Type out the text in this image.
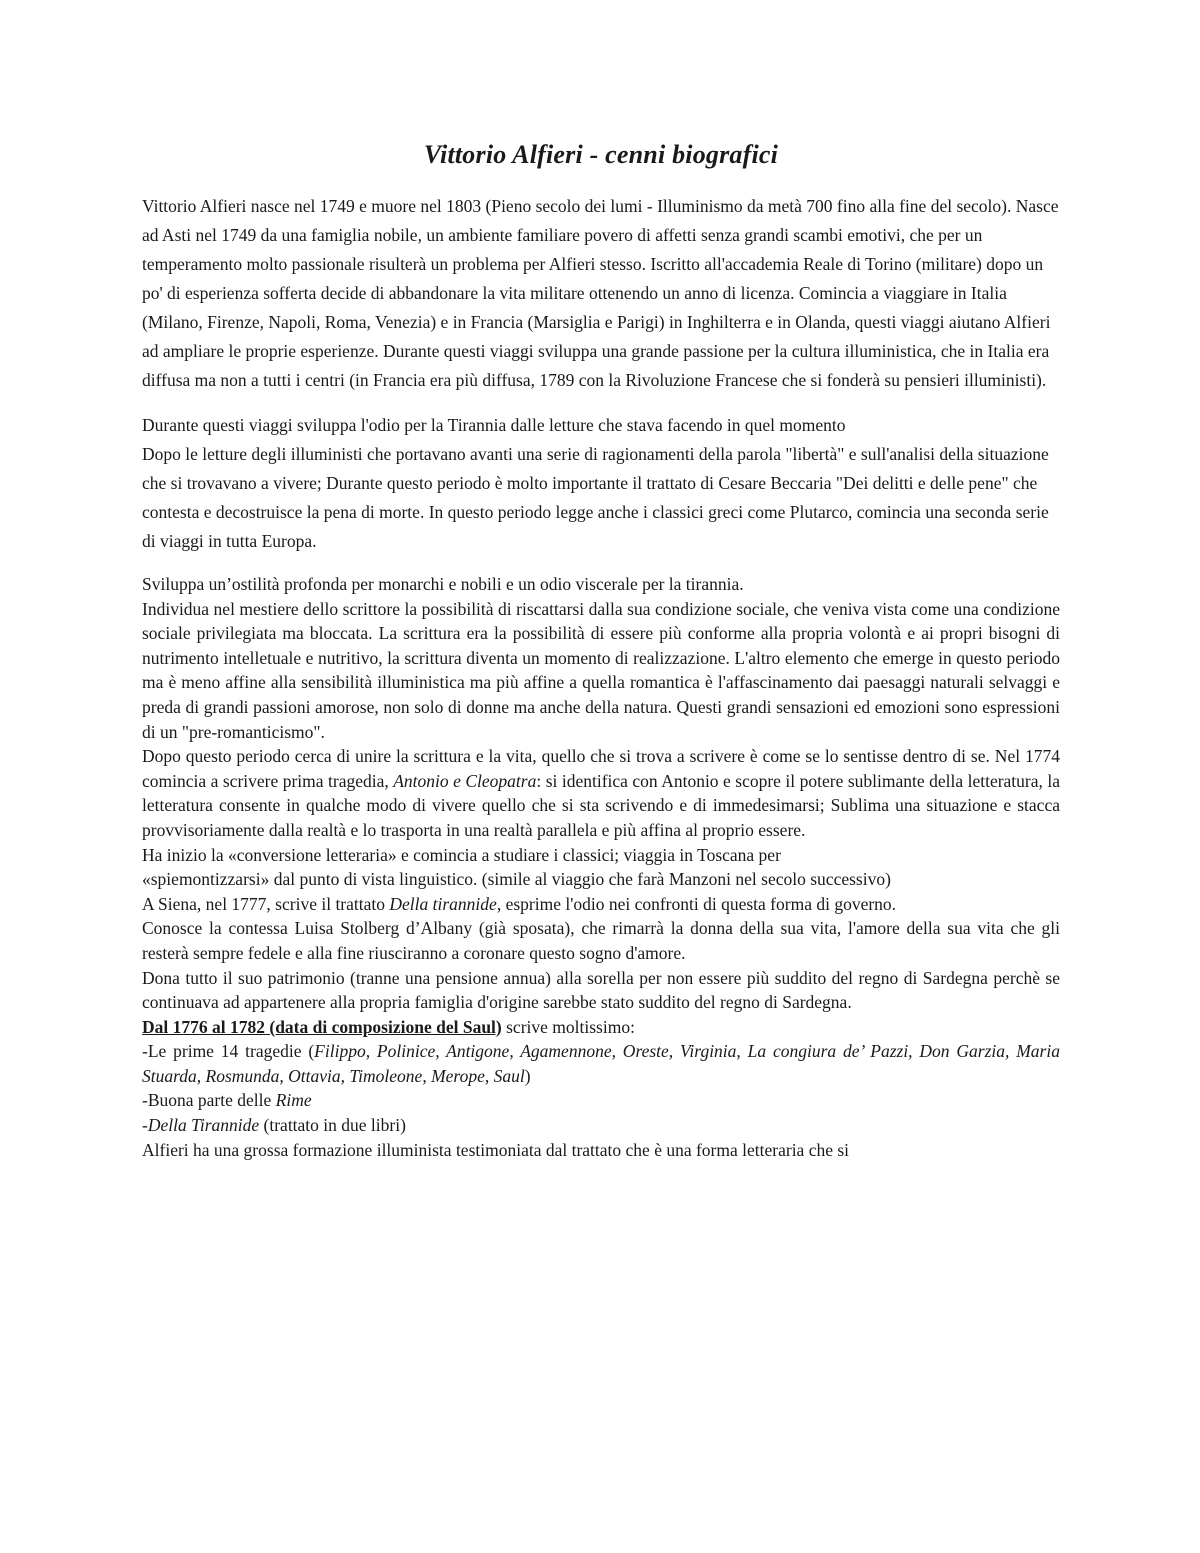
Vittorio Alfieri - cenni biografici

Vittorio Alfieri nasce nel 1749 e muore nel 1803 (Pieno secolo dei lumi - Illuminismo da metà 700 fino alla fine del secolo). Nasce ad Asti nel 1749 da una famiglia nobile, un ambiente familiare povero di affetti senza grandi scambi emotivi, che per un temperamento molto passionale risulterà un problema per Alfieri stesso. Iscritto all'accademia Reale di Torino (militare) dopo un po' di esperienza sofferta decide di abbandonare la vita militare ottenendo un anno di licenza. Comincia a viaggiare in Italia (Milano, Firenze, Napoli, Roma, Venezia) e in Francia (Marsiglia e Parigi) in Inghilterra e in Olanda, questi viaggi aiutano Alfieri ad ampliare le proprie esperienze. Durante questi viaggi sviluppa una grande passione per la cultura illuministica, che in Italia era diffusa ma non a tutti i centri (in Francia era più diffusa, 1789 con la Rivoluzione Francese che si fonderà su pensieri illuministi).

Durante questi viaggi sviluppa l'odio per la Tirannia dalle letture che stava facendo in quel momento

Dopo le letture degli illuministi che portavano avanti una serie di ragionamenti della parola "libertà" e sull'analisi della situazione che si trovavano a vivere; Durante questo periodo è molto importante il trattato di Cesare Beccaria "Dei delitti e delle pene" che contesta e decostruisce la pena di morte. In questo periodo legge anche i classici greci come Plutarco, comincia una seconda serie di viaggi in tutta Europa.

Sviluppa un’ostilità profonda per monarchi e nobili e un odio viscerale per la tirannia.

Individua nel mestiere dello scrittore la possibilità di riscattarsi dalla sua condizione sociale, che veniva vista come una condizione sociale privilegiata ma bloccata. La scrittura era la possibilità di essere più conforme alla propria volontà e ai propri bisogni di nutrimento intelletuale e nutritivo, la scrittura diventa un momento di realizzazione. L'altro elemento che emerge in questo periodo ma è meno affine alla sensibilità illuministica ma più affine a quella romantica è l'affascinamento dai paesaggi naturali selvaggi e preda di grandi passioni amorose, non solo di donne ma anche della natura. Questi grandi sensazioni ed emozioni sono espressioni di un "pre-romanticismo".

Dopo questo periodo cerca di unire la scrittura e la vita, quello che si trova a scrivere è come se lo sentisse dentro di se. Nel 1774 comincia a scrivere prima tragedia, Antonio e Cleopatra: si identifica con Antonio e scopre il potere sublimante della letteratura, la letteratura consente in qualche modo di vivere quello che si sta scrivendo e di immedesimarsi; Sublima una situazione e stacca provvisoriamente dalla realtà e lo trasporta in una realtà parallela e più affina al proprio essere.

Ha inizio la «conversione letteraria» e comincia a studiare i classici; viaggia in Toscana per

«spiemontizzarsi» dal punto di vista linguistico. (simile al viaggio che farà Manzoni nel secolo successivo)

A Siena, nel 1777, scrive il trattato Della tirannide, esprime l'odio nei confronti di questa forma di governo.

Conosce la contessa Luisa Stolberg d’Albany (già sposata), che rimarrà la donna della sua vita, l'amore della sua vita che gli resterà sempre fedele e alla fine riusciranno a coronare questo sogno d'amore.

Dona tutto il suo patrimonio (tranne una pensione annua) alla sorella per non essere più suddito del regno di Sardegna perchè se continuava ad appartenere alla propria famiglia d'origine sarebbe stato suddito del regno di Sardegna.

Dal 1776 al 1782 (data di composizione del Saul) scrive moltissimo:

-Le prime 14 tragedie (Filippo, Polinice, Antigone, Agamennone, Oreste, Virginia, La congiura de’ Pazzi, Don Garzia, Maria Stuarda, Rosmunda, Ottavia, Timoleone, Merope, Saul)

-Buona parte delle Rime

-Della Tirannide (trattato in due libri)

Alfieri ha una grossa formazione illuminista testimoniata dal trattato che è una forma letteraria che si
